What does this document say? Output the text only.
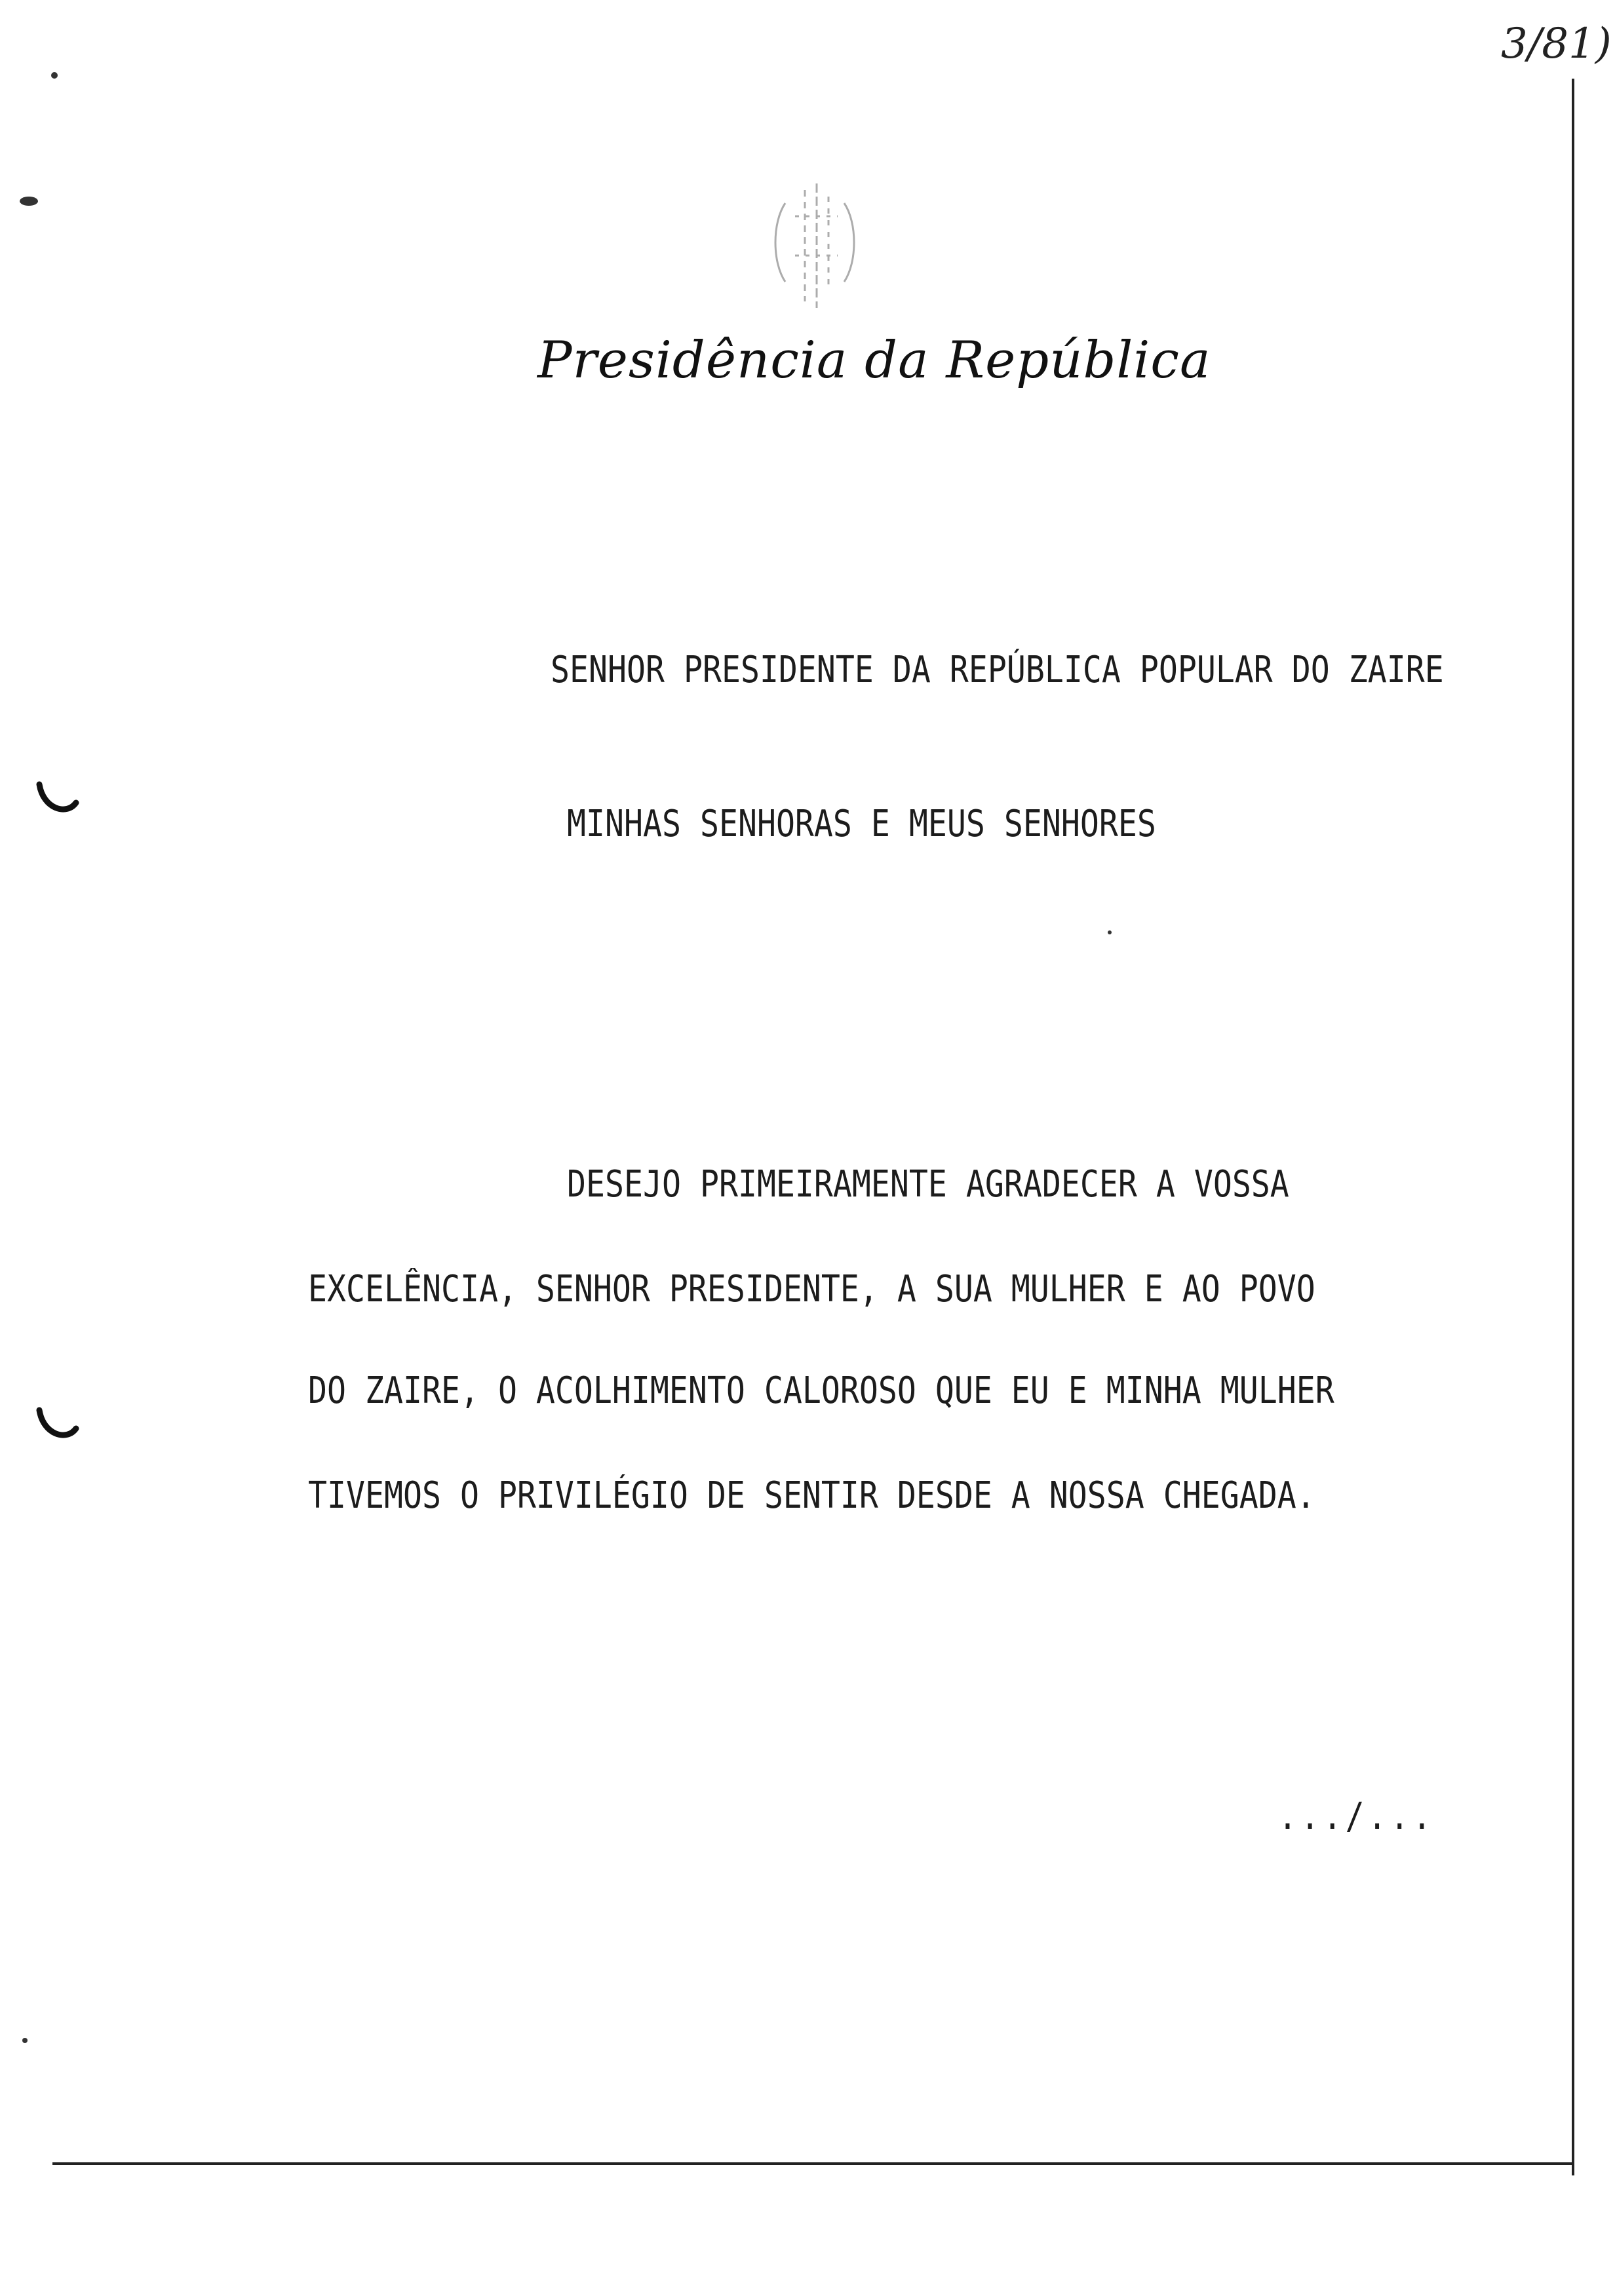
3/81)
Presidência da República
SENHOR PRESIDENTE DA REPÚBLICA POPULAR DO ZAIRE
MINHAS SENHORAS E MEUS SENHORES
DESEJO PRIMEIRAMENTE AGRADECER A VOSSA
EXCELÊNCIA, SENHOR PRESIDENTE, A SUA MULHER E AO POVO
DO ZAIRE, O ACOLHIMENTO CALOROSO QUE EU E MINHA MULHER
TIVEMOS O PRIVILÉGIO DE SENTIR DESDE A NOSSA CHEGADA.
.../...
